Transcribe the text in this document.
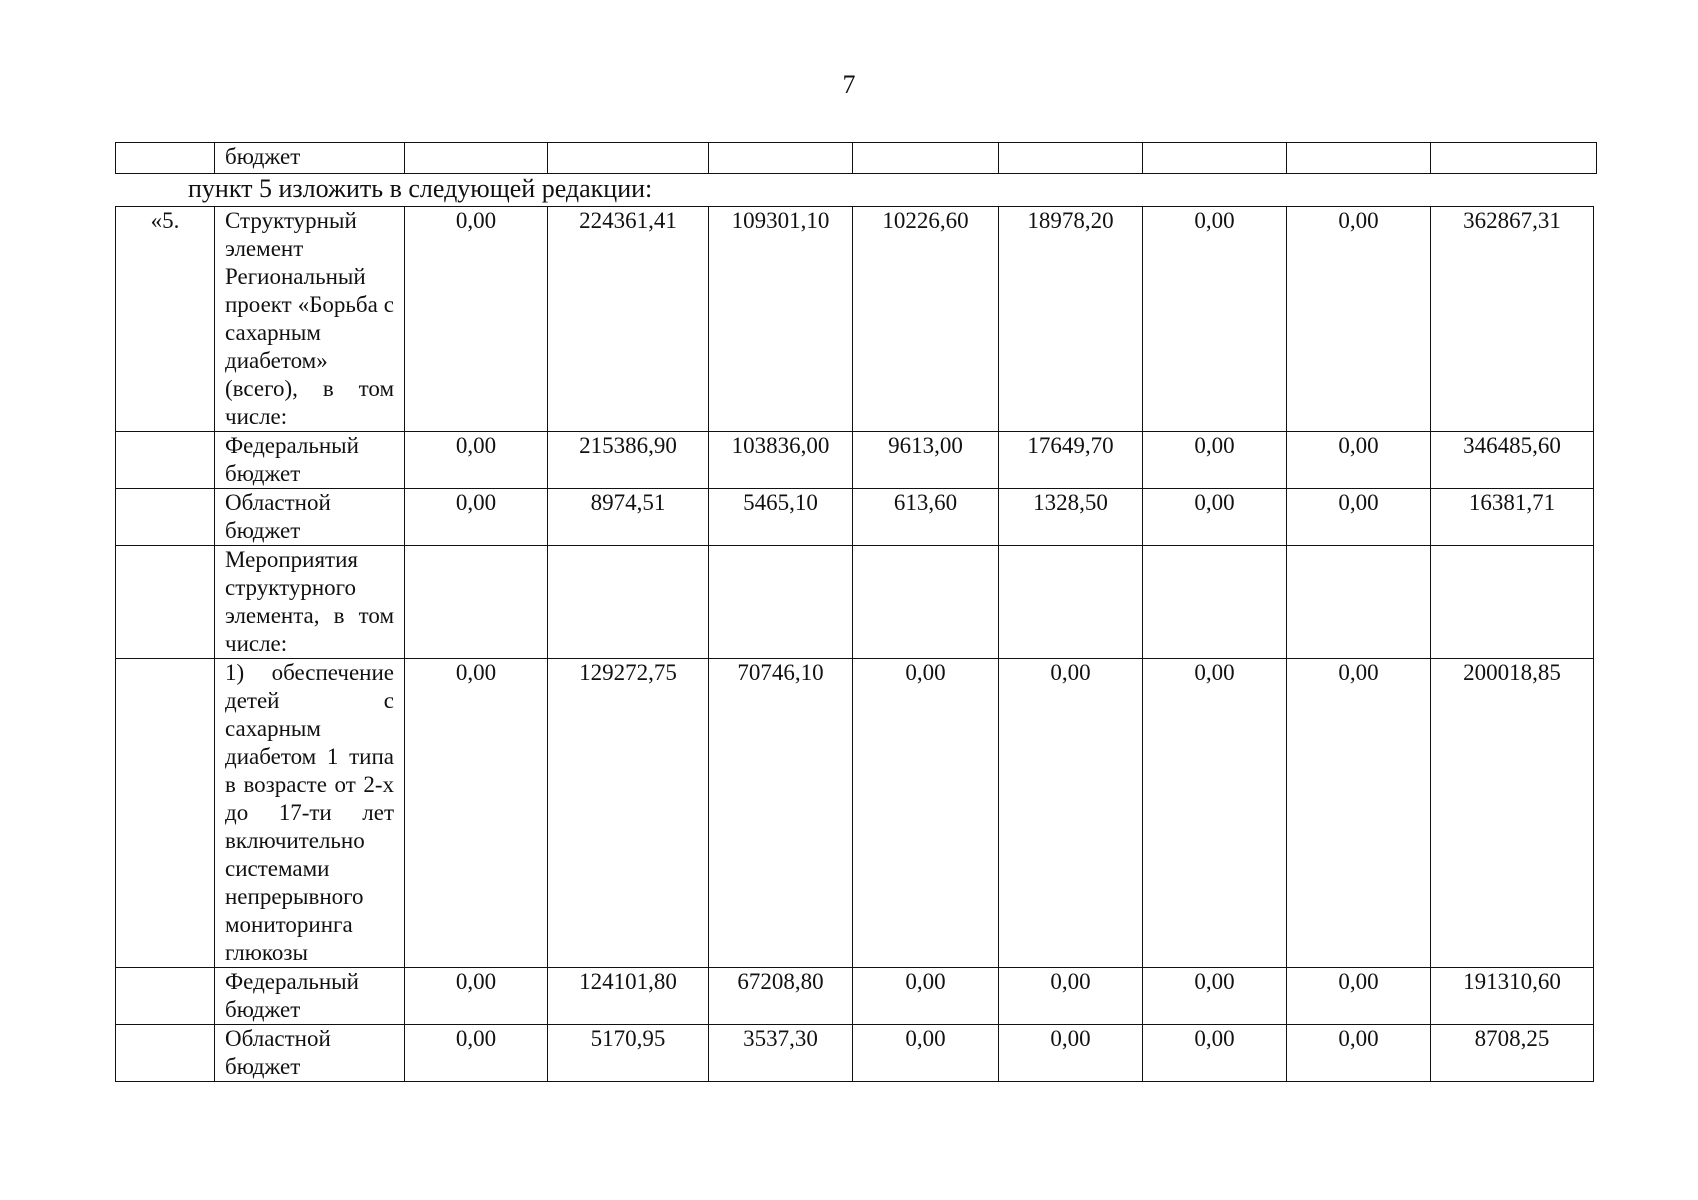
7
	бюджет								

пункт 5 изложить в следующей редакции:

«5.	Структурный элемент Региональный проект «Борьба с сахарным диабетом» (всего), в том числе:	0,00	224361,41	109301,10	10226,60	18978,20	0,00	0,00	362867,31
	Федеральный бюджет	0,00	215386,90	103836,00	9613,00	17649,70	0,00	0,00	346485,60
	Областной бюджет	0,00	8974,51	5465,10	613,60	1328,50	0,00	0,00	16381,71
	Мероприятия структурного элемента, в том числе:								
	1) обеспечение детей с сахарным диабетом 1 типа в возрасте от 2-х до 17-ти лет включительно системами непрерывного мониторинга глюкозы	0,00	129272,75	70746,10	0,00	0,00	0,00	0,00	200018,85
	Федеральный бюджет	0,00	124101,80	67208,80	0,00	0,00	0,00	0,00	191310,60
	Областной бюджет	0,00	5170,95	3537,30	0,00	0,00	0,00	0,00	8708,25
